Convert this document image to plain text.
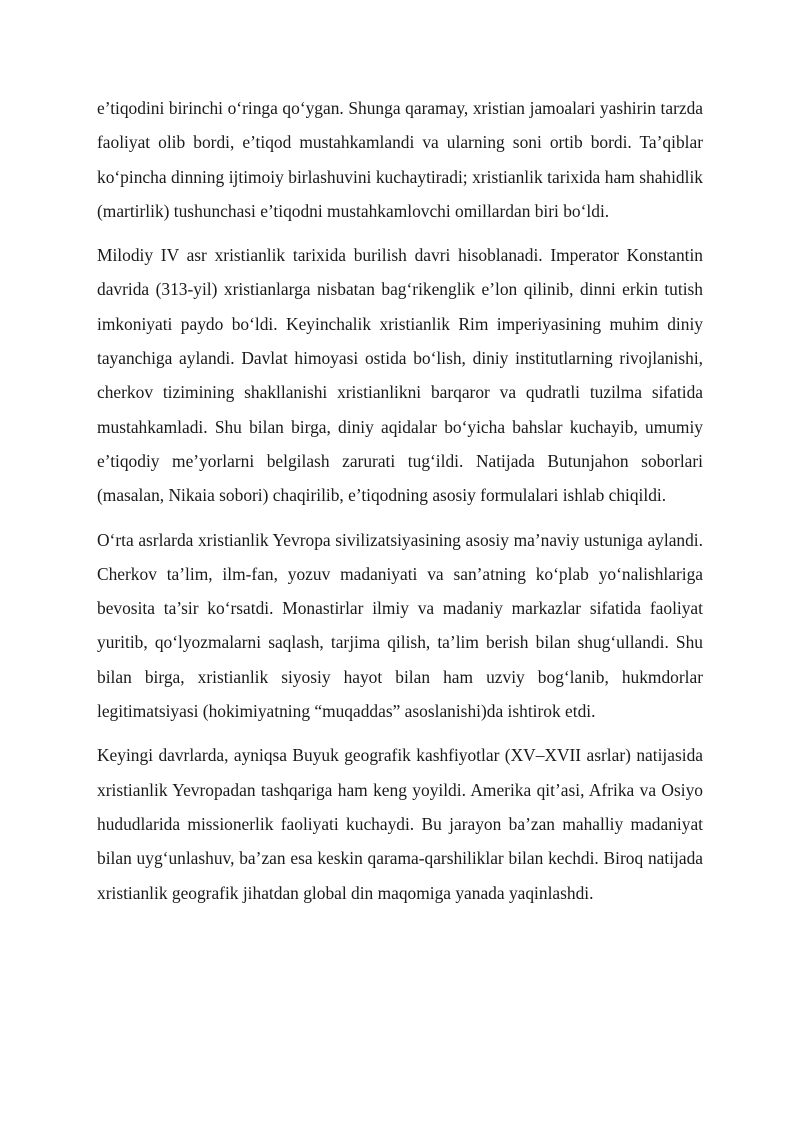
e’tiqodini birinchi o‘ringa qo‘ygan. Shunga qaramay, xristian jamoalari yashirin tarzda faoliyat olib bordi, e’tiqod mustahkamlandi va ularning soni ortib bordi. Ta’qiblar ko‘pincha dinning ijtimoiy birlashuvini kuchaytiradi; xristianlik tarixida ham shahidlik (martirlik) tushunchasi e’tiqodni mustahkamlovchi omillardan biri bo‘ldi.

Milodiy IV asr xristianlik tarixida burilish davri hisoblanadi. Imperator Konstantin davrida (313-yil) xristianlarga nisbatan bag‘rikenglik e’lon qilinib, dinni erkin tutish imkoniyati paydo bo‘ldi. Keyinchalik xristianlik Rim imperiyasining muhim diniy tayanchiga aylandi. Davlat himoyasi ostida bo‘lish, diniy institutlarning rivojlanishi, cherkov tizimining shakllanishi xristianlikni barqaror va qudratli tuzilma sifatida mustahkamladi. Shu bilan birga, diniy aqidalar bo‘yicha bahslar kuchayib, umumiy e’tiqodiy me’yorlarni belgilash zarurati tug‘ildi. Natijada Butunjahon soborlari (masalan, Nikaia sobori) chaqirilib, e’tiqodning asosiy formulalari ishlab chiqildi.

O‘rta asrlarda xristianlik Yevropa sivilizatsiyasining asosiy ma’naviy ustuniga aylandi. Cherkov ta’lim, ilm-fan, yozuv madaniyati va san’atning ko‘plab yo‘nalishlariga bevosita ta’sir ko‘rsatdi. Monastirlar ilmiy va madaniy markazlar sifatida faoliyat yuritib, qo‘lyozmalarni saqlash, tarjima qilish, ta’lim berish bilan shug‘ullandi. Shu bilan birga, xristianlik siyosiy hayot bilan ham uzviy bog‘lanib, hukmdorlar legitimatsiyasi (hokimiyatning “muqaddas” asoslanishi)da ishtirok etdi.

Keyingi davrlarda, ayniqsa Buyuk geografik kashfiyotlar (XV–XVII asrlar) natijasida xristianlik Yevropadan tashqariga ham keng yoyildi. Amerika qit’asi, Afrika va Osiyo hududlarida missionerlik faoliyati kuchaydi. Bu jarayon ba’zan mahalliy madaniyat bilan uyg‘unlashuv, ba’zan esa keskin qarama-qarshiliklar bilan kechdi. Biroq natijada xristianlik geografik jihatdan global din maqomiga yanada yaqinlashdi.
